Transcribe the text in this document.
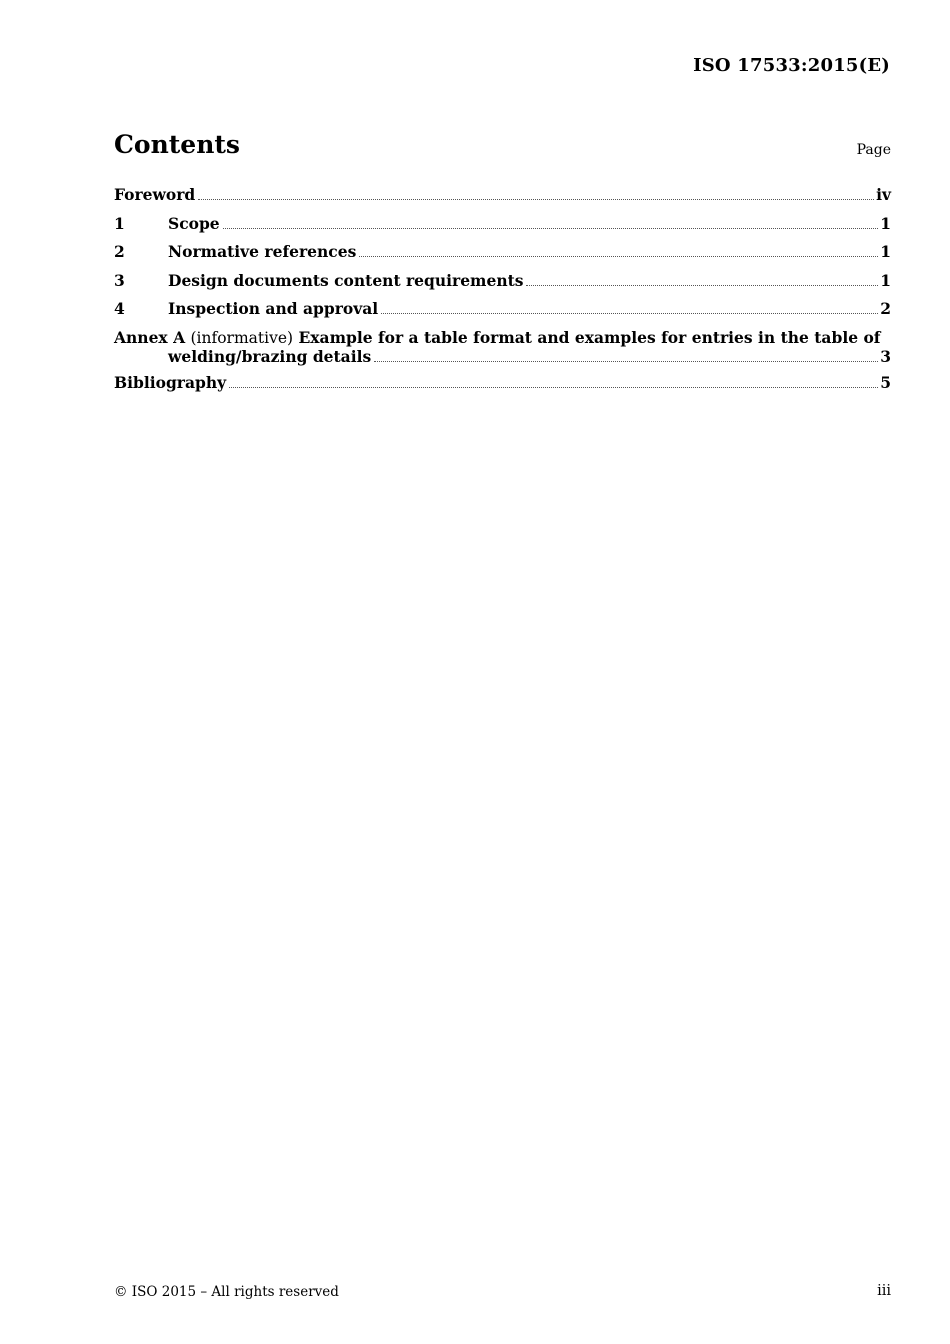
ISO 17533:2015(E)
Contents	Page
Foreword	iv
1	Scope	1
2	Normative references	1
3	Design documents content requirements	1
4	Inspection and approval	2
Annex A (informative) Example for a table format and examples for entries in the table of
welding/brazing details	3
Bibliography	5
© ISO 2015 – All rights reserved	iii
